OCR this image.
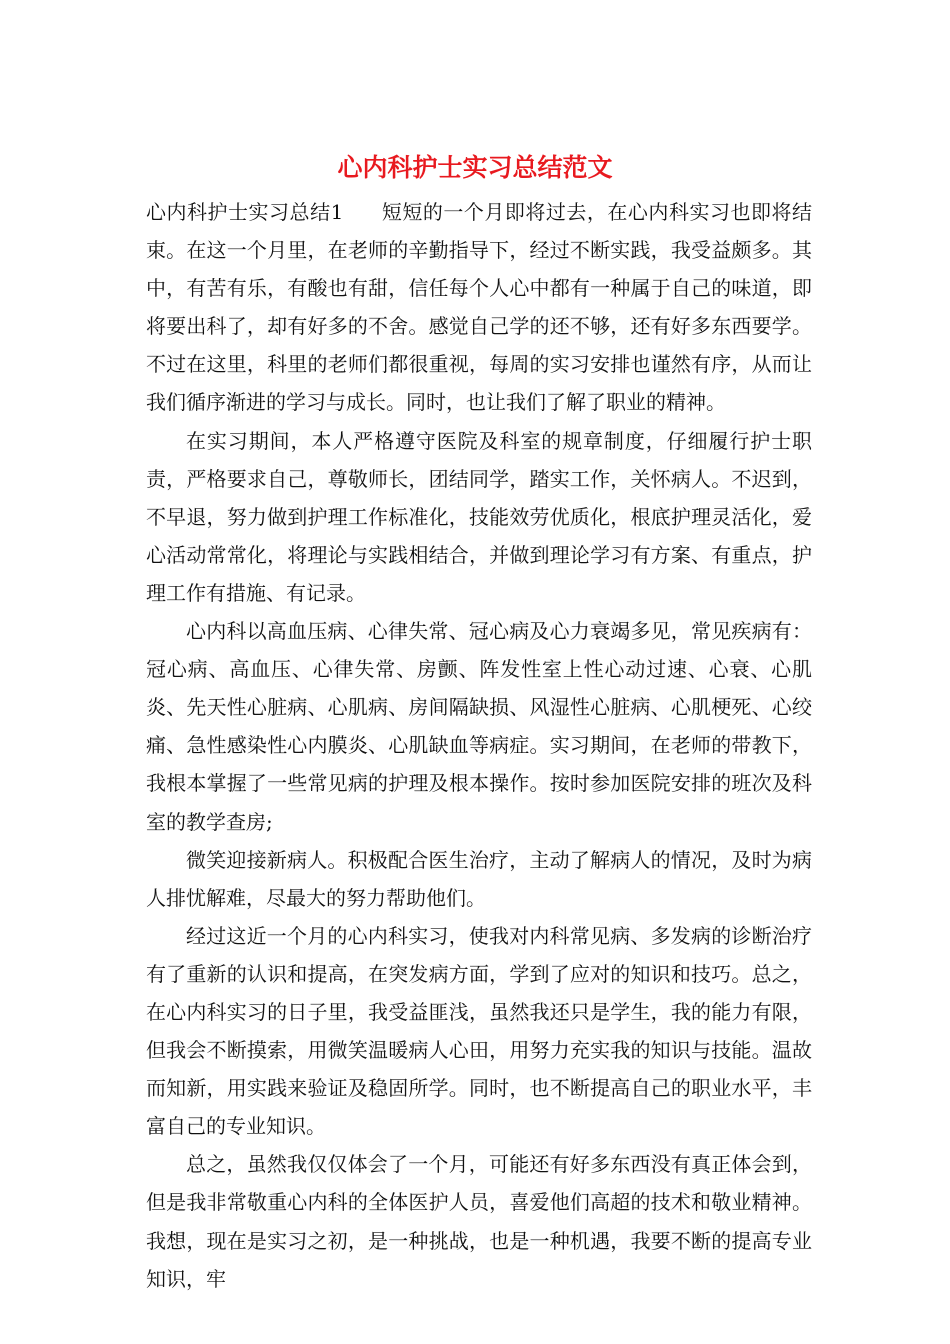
心内科护士实习总结范文

心内科护士实习总结1 短短的一个月即将过去，在心内科实习也即将结束。在这一个月里，在老师的辛勤指导下，经过不断实践，我受益颇多。其中，有苦有乐，有酸也有甜，信任每个人心中都有一种属于自己的味道，即将要出科了，却有好多的不舍。感觉自己学的还不够，还有好多东西要学。不过在这里，科里的老师们都很重视，每周的实习安排也谨然有序，从而让我们循序渐进的学习与成长。同时，也让我们了解了职业的精神。

在实习期间，本人严格遵守医院及科室的规章制度，仔细履行护士职责，严格要求自己，尊敬师长，团结同学，踏实工作，关怀病人。不迟到，不早退，努力做到护理工作标准化，技能效劳优质化，根底护理灵活化，爱心活动常常化，将理论与实践相结合，并做到理论学习有方案、有重点，护理工作有措施、有记录。

心内科以高血压病、心律失常、冠心病及心力衰竭多见，常见疾病有：冠心病、高血压、心律失常、房颤、阵发性室上性心动过速、心衰、心肌炎、先天性心脏病、心肌病、房间隔缺损、风湿性心脏病、心肌梗死、心绞痛、急性感染性心内膜炎、心肌缺血等病症。实习期间，在老师的带教下，我根本掌握了一些常见病的护理及根本操作。按时参加医院安排的班次及科室的教学查房;

微笑迎接新病人。积极配合医生治疗，主动了解病人的情况，及时为病人排忧解难，尽最大的努力帮助他们。

经过这近一个月的心内科实习，使我对内科常见病、多发病的诊断治疗有了重新的认识和提高，在突发病方面，学到了应对的知识和技巧。总之，在心内科实习的日子里，我受益匪浅，虽然我还只是学生，我的能力有限，但我会不断摸索，用微笑温暖病人心田，用努力充实我的知识与技能。温故而知新，用实践来验证及稳固所学。同时，也不断提高自己的职业水平，丰富自己的专业知识。

总之，虽然我仅仅体会了一个月，可能还有好多东西没有真正体会到，但是我非常敬重心内科的全体医护人员，喜爱他们高超的技术和敬业精神。我想，现在是实习之初，是一种挑战，也是一种机遇，我要不断的提高专业知识，牢
